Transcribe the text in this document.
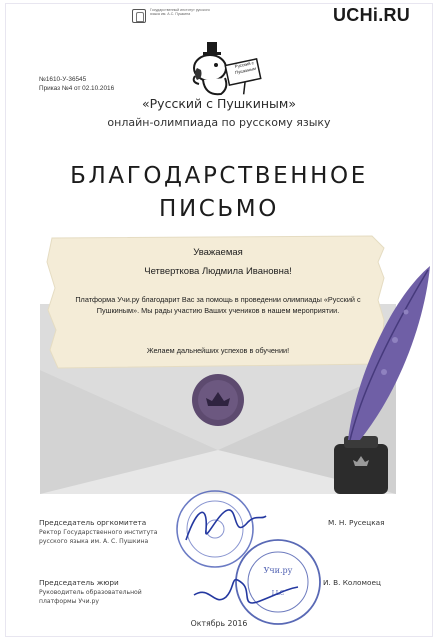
Государственный институт русского языка им. А.С. Пушкина	UCHi.RU
Русский с Пушкиным
№1610-У-36545
Приказ №4 от 02.10.2016
«Русский с Пушкиным»
онлайн-олимпиада по русскому языку
БЛАГОДАРСТВЕННОЕ
ПИСЬМО
Уважаемая
Четверткова Людмила Ивановна!
Платформа Учи.ру благодарит Вас за помощь в проведении олимпиады «Русский с Пушкиным». Мы рады участию Ваших учеников в нашем мероприятии.
Желаем дальнейших успехов в обучении!
Председатель оргкомитета
Ректор Государственного института русского языка им. А. С. Пушкина
М. Н. Русецкая
Председатель жюри
Руководитель образовательной платформы Учи.ру
И. В. Коломоец
Учи.ру
LLC
Октябрь 2016
